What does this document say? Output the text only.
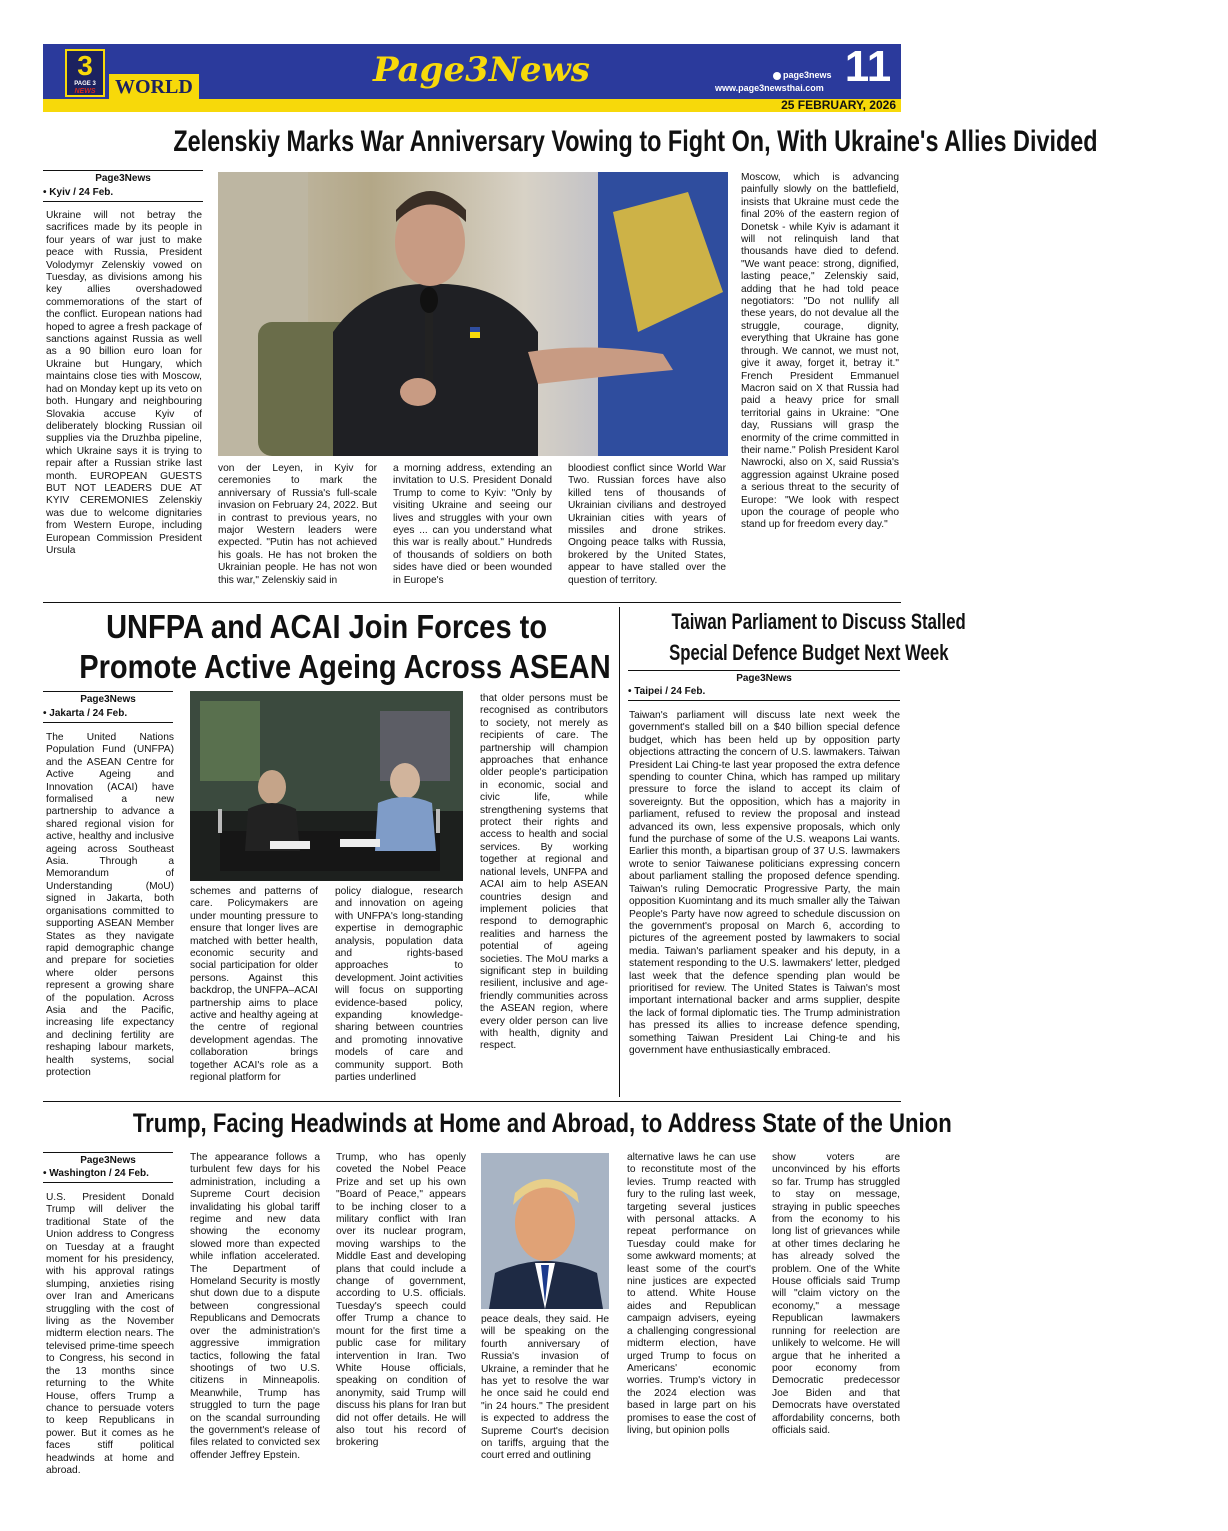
3
PAGE 3
NEWS WORLD	Page3News	page3news
www.page3newsthai.com 11
25 FEBRUARY, 2026
Zelenskiy Marks War Anniversary Vowing to Fight On, With Ukraine's Allies Divided
Page3News
• Kyiv / 24 Feb.
Ukraine will not betray the sacrifices made by its people in four years of war just to make peace with Russia, President Volodymyr Zelenskiy vowed on Tuesday, as divisions among his key allies overshadowed commemorations of the start of the conflict. European nations had hoped to agree a fresh package of sanctions against Russia as well as a 90 billion euro loan for Ukraine but Hungary, which maintains close ties with Moscow, had on Monday kept up its veto on both. Hungary and neighbouring Slovakia accuse Kyiv of deliberately blocking Russian oil supplies via the Druzhba pipeline, which Ukraine says it is trying to repair after a Russian strike last month. EUROPEAN GUESTS BUT NOT LEADERS DUE AT KYIV CEREMONIES Zelenskiy was due to welcome dignitaries from Western Europe, including European Commission President Ursula
von der Leyen, in Kyiv for ceremonies to mark the anniversary of Russia's full-scale invasion on February 24, 2022. But in contrast to previous years, no major Western leaders were expected. "Putin has not achieved his goals. He has not broken the Ukrainian people. He has not won this war," Zelenskiy said in
a morning address, extending an invitation to U.S. President Donald Trump to come to Kyiv: "Only by visiting Ukraine and seeing our lives and struggles with your own eyes ... can you understand what this war is really about." Hundreds of thousands of soldiers on both sides have died or been wounded in Europe's
bloodiest conflict since World War Two. Russian forces have also killed tens of thousands of Ukrainian civilians and destroyed Ukrainian cities with years of missiles and drone strikes. Ongoing peace talks with Russia, brokered by the United States, appear to have stalled over the question of territory.
Moscow, which is advancing painfully slowly on the battlefield, insists that Ukraine must cede the final 20% of the eastern region of Donetsk - while Kyiv is adamant it will not relinquish land that thousands have died to defend. "We want peace: strong, dignified, lasting peace," Zelenskiy said, adding that he had told peace negotiators: "Do not nullify all these years, do not devalue all the struggle, courage, dignity, everything that Ukraine has gone through. We cannot, we must not, give it away, forget it, betray it." French President Emmanuel Macron said on X that Russia had paid a heavy price for small territorial gains in Ukraine: "One day, Russians will grasp the enormity of the crime committed in their name." Polish President Karol Nawrocki, also on X, said Russia's aggression against Ukraine posed a serious threat to the security of Europe: "We look with respect upon the courage of people who stand up for freedom every day."
UNFPA and ACAI Join Forces to
Promote Active Ageing Across ASEAN
Page3News
• Jakarta / 24 Feb.
The United Nations Population Fund (UNFPA) and the ASEAN Centre for Active Ageing and Innovation (ACAI) have formalised a new partnership to advance a shared regional vision for active, healthy and inclusive ageing across Southeast Asia. Through a Memorandum of Understanding (MoU) signed in Jakarta, both organisations committed to supporting ASEAN Member States as they navigate rapid demographic change and prepare for societies where older persons represent a growing share of the population. Across Asia and the Pacific, increasing life expectancy and declining fertility are reshaping labour markets, health systems, social protection
schemes and patterns of care. Policymakers are under mounting pressure to ensure that longer lives are matched with better health, economic security and social participation for older persons. Against this backdrop, the UNFPA–ACAI partnership aims to place active and healthy ageing at the centre of regional development agendas. The collaboration brings together ACAI's role as a regional platform for
policy dialogue, research and innovation on ageing with UNFPA's long-standing expertise in demographic analysis, population data and rights-based approaches to development. Joint activities will focus on supporting evidence-based policy, expanding knowledge-sharing between countries and promoting innovative models of care and community support. Both parties underlined
that older persons must be recognised as contributors to society, not merely as recipients of care. The partnership will champion approaches that enhance older people's participation in economic, social and civic life, while strengthening systems that protect their rights and access to health and social services. By working together at regional and national levels, UNFPA and ACAI aim to help ASEAN countries design and implement policies that respond to demographic realities and harness the potential of ageing societies. The MoU marks a significant step in building resilient, inclusive and age-friendly communities across the ASEAN region, where every older person can live with health, dignity and respect.
Taiwan Parliament to Discuss Stalled
Special Defence Budget Next Week
Page3News
• Taipei / 24 Feb.
Taiwan's parliament will discuss late next week the government's stalled bill on a $40 billion special defence budget, which has been held up by opposition party objections attracting the concern of U.S. lawmakers. Taiwan President Lai Ching-te last year proposed the extra defence spending to counter China, which has ramped up military pressure to force the island to accept its claim of sovereignty. But the opposition, which has a majority in parliament, refused to review the proposal and instead advanced its own, less expensive proposals, which only fund the purchase of some of the U.S. weapons Lai wants. Earlier this month, a bipartisan group of 37 U.S. lawmakers wrote to senior Taiwanese politicians expressing concern about parliament stalling the proposed defence spending. Taiwan's ruling Democratic Progressive Party, the main opposition Kuomintang and its much smaller ally the Taiwan People's Party have now agreed to schedule discussion on the government's proposal on March 6, according to pictures of the agreement posted by lawmakers to social media. Taiwan's parliament speaker and his deputy, in a statement responding to the U.S. lawmakers' letter, pledged last week that the defence spending plan would be prioritised for review. The United States is Taiwan's most important international backer and arms supplier, despite the lack of formal diplomatic ties. The Trump administration has pressed its allies to increase defence spending, something Taiwan President Lai Ching-te and his government have enthusiastically embraced.
Trump, Facing Headwinds at Home and Abroad, to Address State of the Union
Page3News
• Washington / 24 Feb.
U.S. President Donald Trump will deliver the traditional State of the Union address to Congress on Tuesday at a fraught moment for his presidency, with his approval ratings slumping, anxieties rising over Iran and Americans struggling with the cost of living as the November midterm election nears. The televised prime-time speech to Congress, his second in the 13 months since returning to the White House, offers Trump a chance to persuade voters to keep Republicans in power. But it comes as he faces stiff political headwinds at home and abroad.
The appearance follows a turbulent few days for his administration, including a Supreme Court decision invalidating his global tariff regime and new data showing the economy slowed more than expected while inflation accelerated. The Department of Homeland Security is mostly shut down due to a dispute between congressional Republicans and Democrats over the administration's aggressive immigration tactics, following the fatal shootings of two U.S. citizens in Minneapolis. Meanwhile, Trump has struggled to turn the page on the scandal surrounding the government's release of files related to convicted sex offender Jeffrey Epstein.
Trump, who has openly coveted the Nobel Peace Prize and set up his own "Board of Peace," appears to be inching closer to a military conflict with Iran over its nuclear program, moving warships to the Middle East and developing plans that could include a change of government, according to U.S. officials. Tuesday's speech could offer Trump a chance to mount for the first time a public case for military intervention in Iran. Two White House officials, speaking on condition of anonymity, said Trump will discuss his plans for Iran but did not offer details. He will also tout his record of brokering
peace deals, they said. He will be speaking on the fourth anniversary of Russia's invasion of Ukraine, a reminder that he has yet to resolve the war he once said he could end "in 24 hours." The president is expected to address the Supreme Court's decision on tariffs, arguing that the court erred and outlining
alternative laws he can use to reconstitute most of the levies. Trump reacted with fury to the ruling last week, targeting several justices with personal attacks. A repeat performance on Tuesday could make for some awkward moments; at least some of the court's nine justices are expected to attend. White House aides and Republican campaign advisers, eyeing a challenging congressional midterm election, have urged Trump to focus on Americans' economic worries. Trump's victory in the 2024 election was based in large part on his promises to ease the cost of living, but opinion polls
show voters are unconvinced by his efforts so far. Trump has struggled to stay on message, straying in public speeches from the economy to his long list of grievances while at other times declaring he has already solved the problem. One of the White House officials said Trump will "claim victory on the economy," a message Republican lawmakers running for reelection are unlikely to welcome. He will argue that he inherited a poor economy from Democratic predecessor Joe Biden and that Democrats have overstated affordability concerns, both officials said.
